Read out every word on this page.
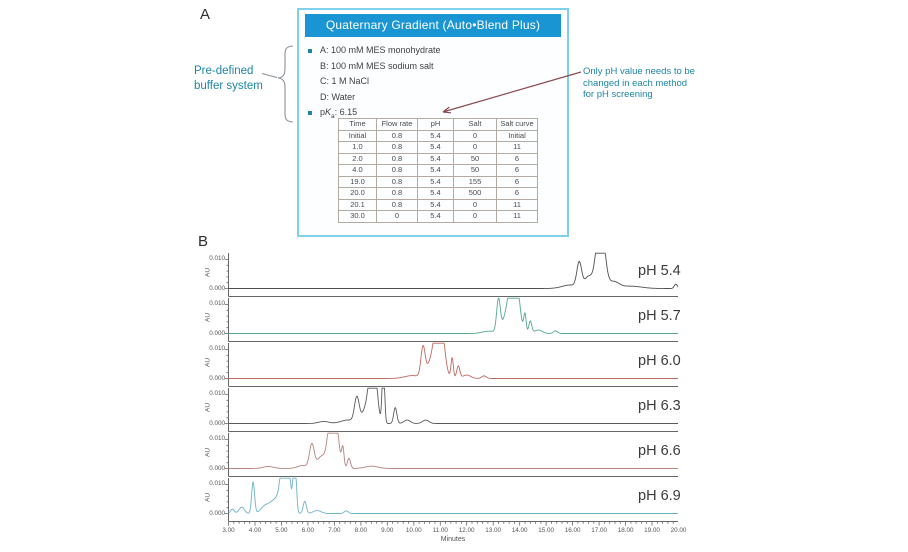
A
Quaternary Gradient (Auto•Blend Plus)
A: 100 mM MES monohydrate
B: 100 mM MES sodium salt
C: 1 M NaCl
D: Water
$pK_a$: 6.15
Time	Flow rate	pH	Salt	Salt curve
Initial	0.8	5.4	0	Initial
1.0	0.8	5.4	0	11
2.0	0.8	5.4	50	6
4.0	0.8	5.4	50	6
19.0	0.8	5.4	155	6
20.0	0.8	5.4	500	6
20.1	0.8	5.4	0	11
30.0	0	5.4	0	11
Pre-defined
buffer system
Only pH value needs to be
changed in each method
for pH screening
B
0.010
0.000
AU	pH 5.4
0.010
0.000
AU	pH 5.7
0.010
0.000
AU	pH 6.0
0.010
0.000
AU	pH 6.3
0.010
0.000
AU	pH 6.6
0.010
0.000
AU	pH 6.9
3.00	4.00	5.00	6.00	7.00	8.00	9.00	10.00	11.00	12.00	13.00	14.00	15.00	16.00	17.00	18.00	19.00	20.00
Minutes
